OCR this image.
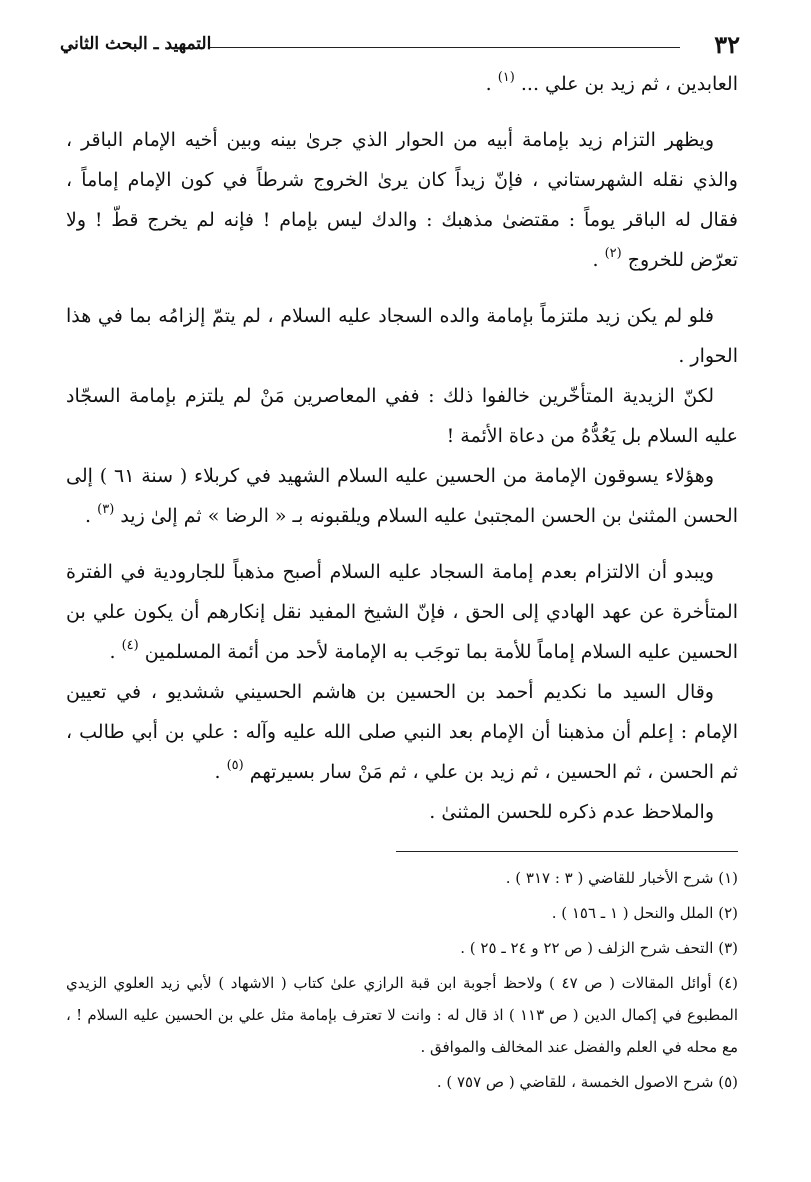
٣٢
التمهيد ـ البحث الثاني

العابدين ، ثم زيد بن علي ... $^{(١)}$ .

ويظهر التزام زيد بإمامة أبيه من الحوار الذي جرىٰ بينه وبين أخيه الإمام الباقر ، والذي نقله الشهرستاني ، فإنّ زيداً كان يرىٰ الخروج شرطاً في كون الإمام إماماً ، فقال له الباقر يوماً : مقتضىٰ مذهبك : والدك ليس بإمام ! فإنه لم يخرج قطّ ! ولا تعرّض للخروج $^{(٢)}$ .

فلو لم يكن زيد ملتزماً بإمامة والده السجاد عليه السلام ، لم يتمّ إلزامُه بما في هذا الحوار .

لكنّ الزيدية المتأخّرين خالفوا ذلك : ففي المعاصرين مَنْ لم يلتزم بإمامة السجّاد عليه السلام بل يَعُدُّهُ من دعاة الأئمة !

وهؤلاء يسوقون الإمامة من الحسين عليه السلام الشهيد في كربلاء ( سنة ٦١ ) إلى الحسن المثنىٰ بن الحسن المجتبىٰ عليه السلام ويلقبونه بـ « الرضا » ثم إلىٰ زيد $^{(٣)}$ .

ويبدو أن الالتزام بعدم إمامة السجاد عليه السلام أصبح مذهباً للجارودية في الفترة المتأخرة عن عهد الهادي إلى الحق ، فإنّ الشيخ المفيد نقل إنكارهم أن يكون علي بن الحسين عليه السلام إماماً للأمة بما توجَب به الإمامة لأحد من أئمة المسلمين $^{(٤)}$ .

وقال السيد ما نكديم أحمد بن الحسين بن هاشم الحسيني ششديو ، في تعيين الإمام : إعلم أن مذهبنا أن الإمام بعد النبي صلى الله عليه وآله : علي بن أبي طالب ، ثم الحسن ، ثم الحسين ، ثم زيد بن علي ، ثم مَنْ سار بسيرتهم $^{(٥)}$ .

والملاحظ عدم ذكره للحسن المثنىٰ .

(١) شرح الأخبار للقاضي ( ٣ : ٣١٧ ) .

(٢) الملل والنحل ( ١ ـ ١٥٦ ) .

(٣) التحف شرح الزلف ( ص ٢٢ و ٢٤ ـ ٢٥ ) .

(٤) أوائل المقالات ( ص ٤٧ ) ولاحظ أجوبة ابن قبة الرازي علىٰ كتاب ( الاشهاد ) لأبي زيد العلوي الزيدي المطبوع في إكمال الدين ( ص ١١٣ ) اذ قال له : وانت لا تعترف بإمامة مثل علي بن الحسين عليه السلام ! ، مع محله في العلم والفضل عند المخالف والموافق .

(٥) شرح الاصول الخمسة ، للقاضي ( ص ٧٥٧ ) .
